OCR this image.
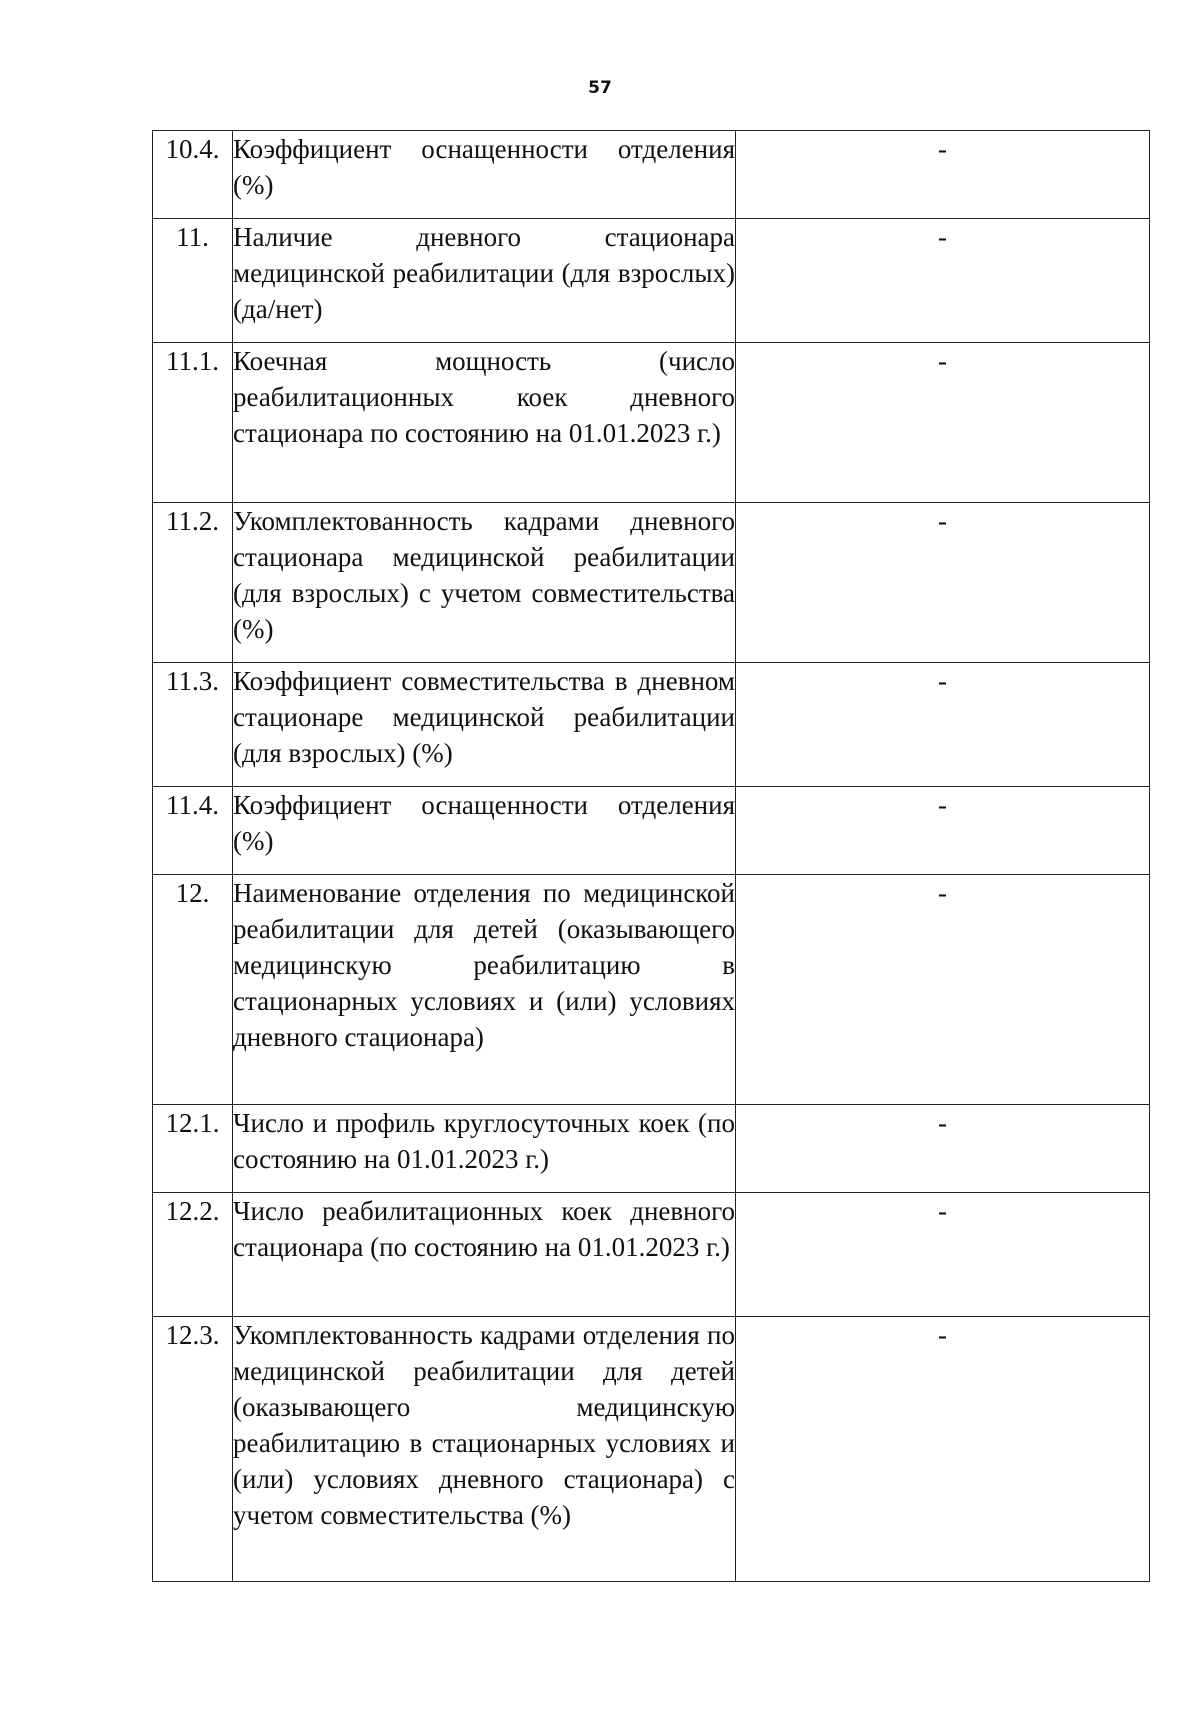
57
10.4.	Коэффициент оснащенности отделения (%)	-
11.	Наличие дневного стационара медицинской реабилитации (для взрослых) (да/нет)	-
11.1.	Коечная мощность (число реабилитационных коек дневного стационара по состоянию на 01.01.2023 г.)	-
11.2.	Укомплектованность кадрами дневного стационара медицинской реабилитации (для взрослых) с учетом совместительства (%)	-
11.3.	Коэффициент совместительства в дневном стационаре медицинской реабилитации (для взрослых) (%)	-
11.4.	Коэффициент оснащенности отделения (%)	-
12.	Наименование отделения по медицинской реабилитации для детей (оказывающего медицинскую реабилитацию в стационарных условиях и (или) условиях дневного стационара)	-
12.1.	Число и профиль круглосуточных коек (по состоянию на 01.01.2023 г.)	-
12.2.	Число реабилитационных коек дневного стационара (по состоянию на 01.01.2023 г.)	-
12.3.	Укомплектованность кадрами отделения по медицинской реабилитации для детей (оказывающего медицинскую реабилитацию в стационарных условиях и (или) условиях дневного стационара) с учетом совместительства (%)	-
